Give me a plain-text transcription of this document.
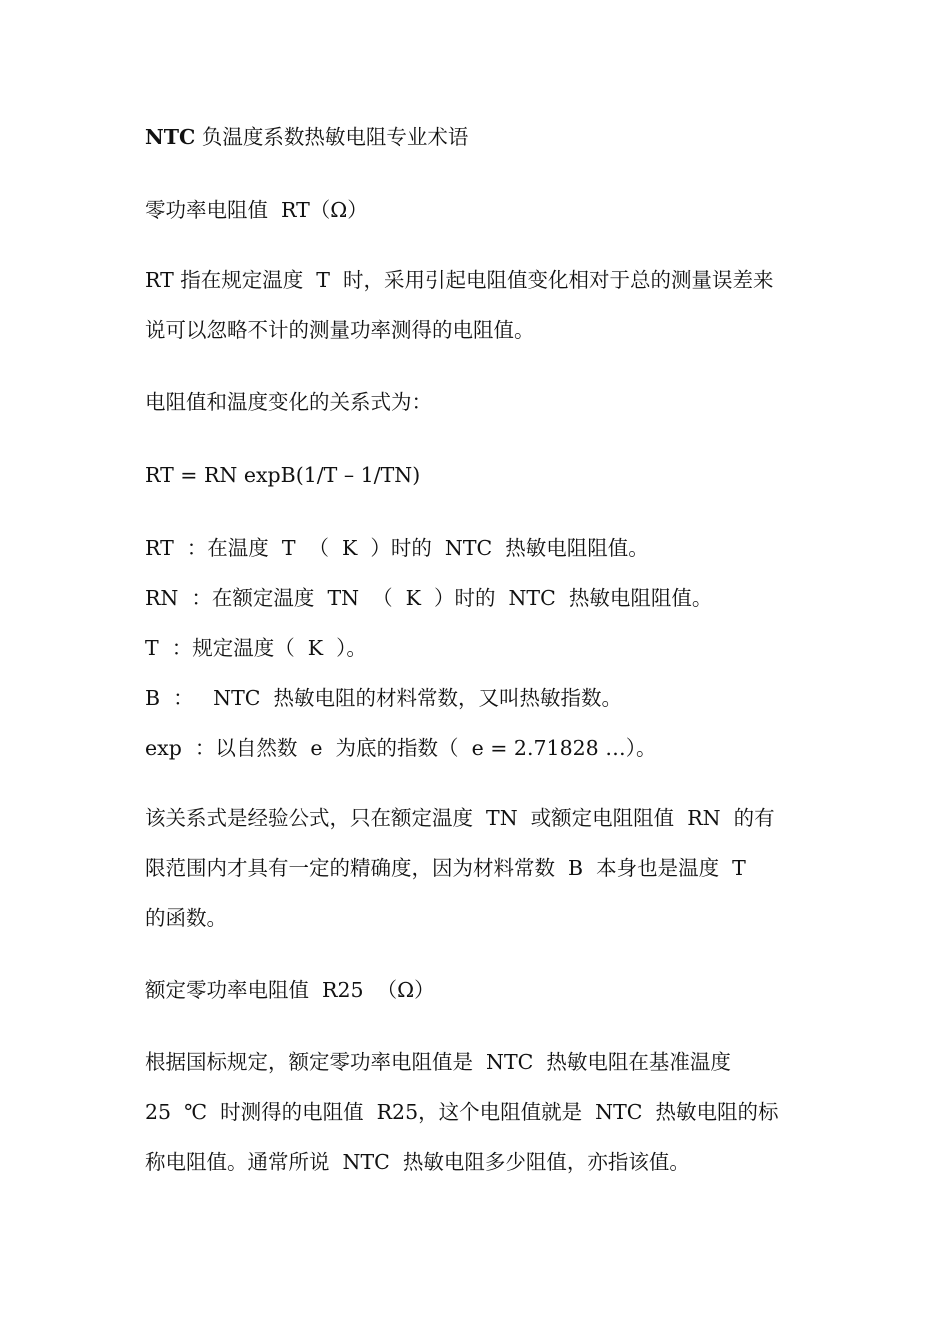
NTC 负温度系数热敏电阻专业术语
零功率电阻值  RT（Ω）
RT 指在规定温度  T  时，采用引起电阻值变化相对于总的测量误差来
说可以忽略不计的测量功率测得的电阻值。
电阻值和温度变化的关系式为：
RT = RN expB(1/T – 1/TN)
RT  ：在温度  T  （  K  ）时的  NTC  热敏电阻阻值。
RN  ：在额定温度  TN  （  K  ）时的  NTC  热敏电阻阻值。
T  ：规定温度（  K  ）。
B  ：   NTC  热敏电阻的材料常数，又叫热敏指数。
exp  ：以自然数  e  为底的指数（  e = 2.71828 …）。
该关系式是经验公式，只在额定温度  TN  或额定电阻阻值  RN  的有
限范围内才具有一定的精确度，因为材料常数  B  本身也是温度  T
的函数。
额定零功率电阻值  R25  （Ω）
根据国标规定，额定零功率电阻值是  NTC  热敏电阻在基准温度
25  ℃  时测得的电阻值  R25，这个电阻值就是  NTC  热敏电阻的标
称电阻值。通常所说  NTC  热敏电阻多少阻值，亦指该值。
